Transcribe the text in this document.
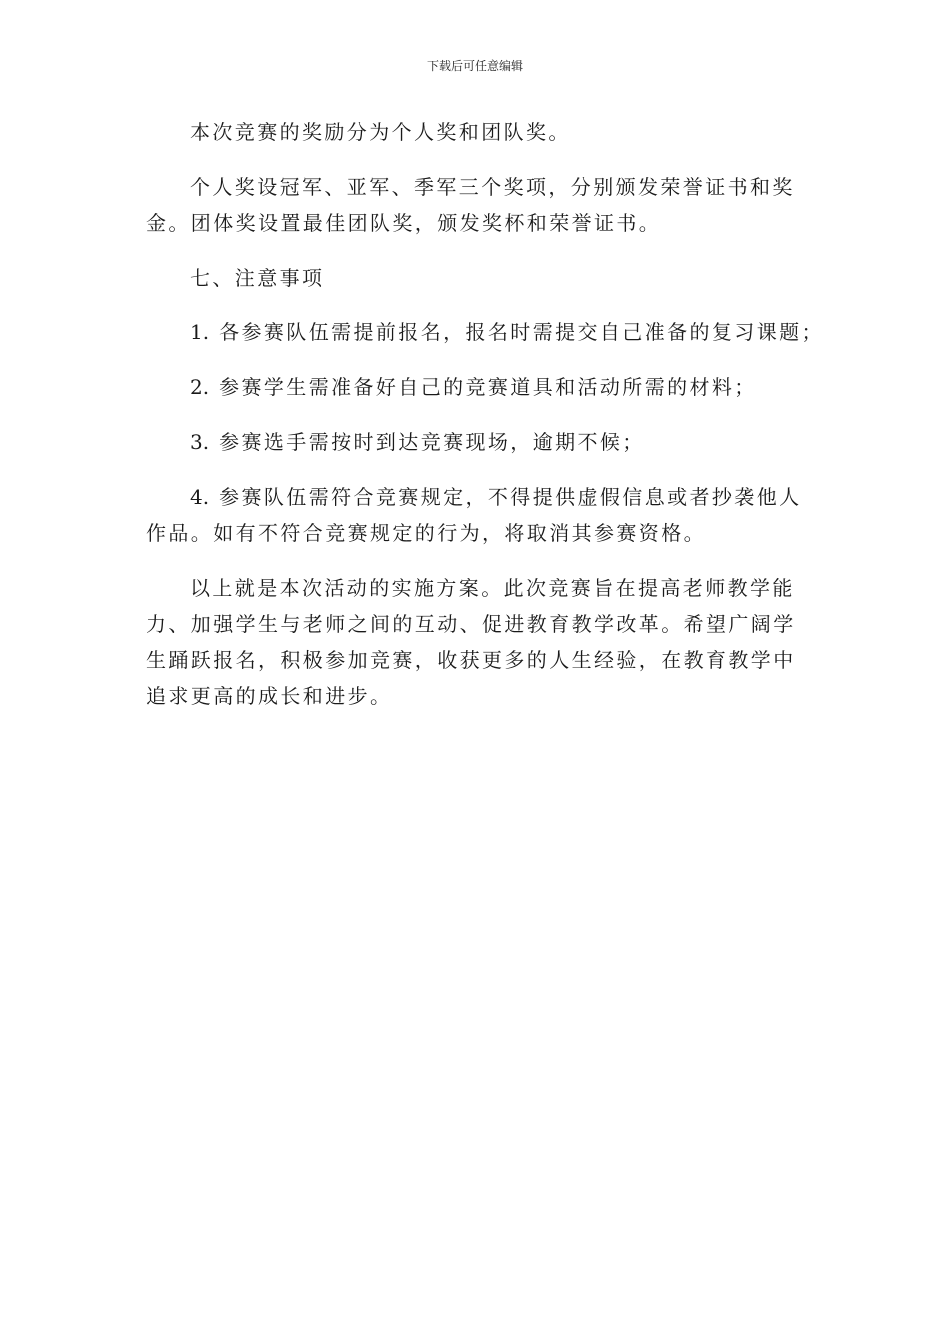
下载后可任意编辑

本次竞赛的奖励分为个人奖和团队奖。

个人奖设冠军、亚军、季军三个奖项，分别颁发荣誉证书和奖
金。团体奖设置最佳团队奖，颁发奖杯和荣誉证书。

七、注意事项

1. 各参赛队伍需提前报名，报名时需提交自己准备的复习课题；

2. 参赛学生需准备好自己的竞赛道具和活动所需的材料；

3. 参赛选手需按时到达竞赛现场，逾期不候；

4. 参赛队伍需符合竞赛规定，不得提供虚假信息或者抄袭他人
作品。如有不符合竞赛规定的行为，将取消其参赛资格。

以上就是本次活动的实施方案。此次竞赛旨在提高老师教学能
力、加强学生与老师之间的互动、促进教育教学改革。希望广阔学
生踊跃报名，积极参加竞赛，收获更多的人生经验，在教育教学中
追求更高的成长和进步。
